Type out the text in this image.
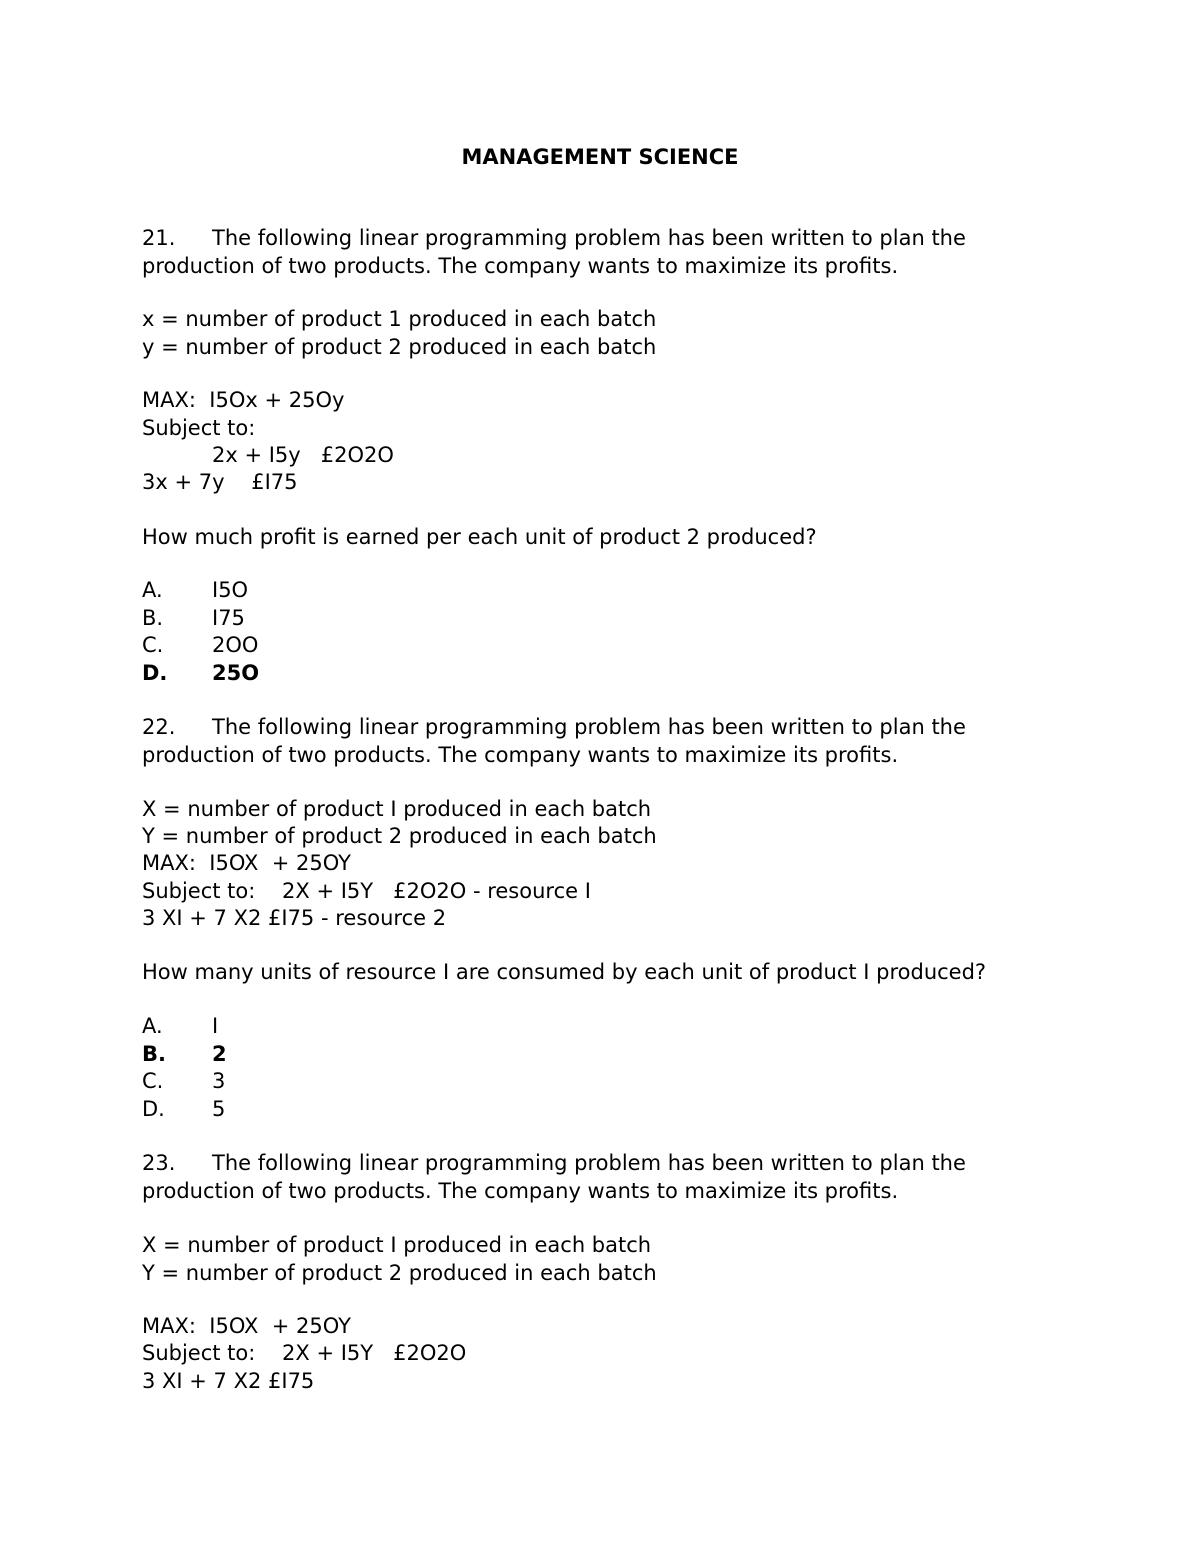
MANAGEMENT SCIENCE
21. The following linear programming problem has been written to plan the
production of two products. The company wants to maximize its profits.
x = number of product 1 produced in each batch
y = number of product 2 produced in each batch
MAX:  I5Ox + 25Oy
Subject to:
2x + I5y   £2O2O
3x + 7y    £I75
How much profit is earned per each unit of product 2 produced?
A. I5O
B. I75
C. 2OO
D. 25O
22. The following linear programming problem has been written to plan the
production of two products. The company wants to maximize its profits.
X = number of product I produced in each batch
Y = number of product 2 produced in each batch
MAX:  I5OX  + 25OY
Subject to:    2X + I5Y   £2O2O - resource I
3 XI + 7 X2 £I75 - resource 2
How many units of resource I are consumed by each unit of product I produced?
A. I
B. 2
C. 3
D. 5
23. The following linear programming problem has been written to plan the
production of two products. The company wants to maximize its profits.
X = number of product I produced in each batch
Y = number of product 2 produced in each batch
MAX:  I5OX  + 25OY
Subject to:    2X + I5Y   £2O2O
3 XI + 7 X2 £I75
